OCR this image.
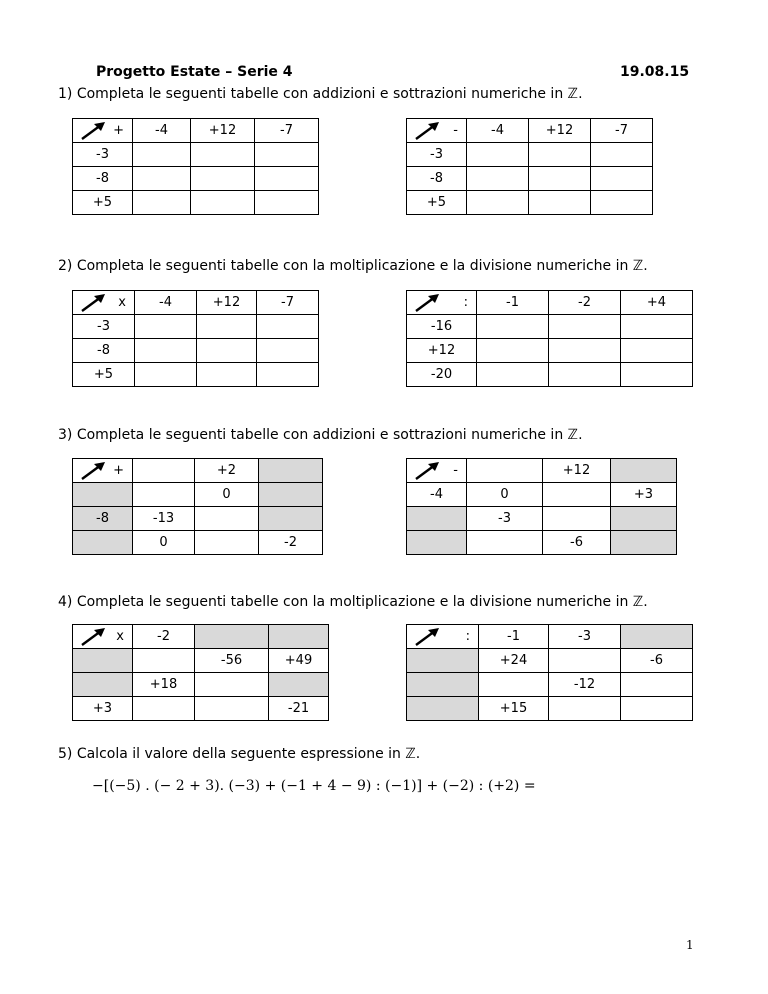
Progetto Estate – Serie 4	19.08.15
1) Completa le seguenti tabelle con addizioni e sottrazioni numeriche in ℤ.
+	-4	+12	-7
-3			
-8			
+5			
-	-4	+12	-7
-3			
-8			
+5			
2) Completa le seguenti tabelle con la moltiplicazione e la divisione numeriche in ℤ.
x	-4	+12	-7
-3			
-8			
+5			
:	-1	-2	+4
-16			
+12			
-20			
3) Completa le seguenti tabelle con addizioni e sottrazioni numeriche in ℤ.
+		+2	
		0	
-8	-13		
	0		-2
-		+12	
-4	0		+3
	-3		
		-6	
4) Completa le seguenti tabelle con la moltiplicazione e la divisione numeriche in ℤ.
x	-2		
		-56	+49
	+18		
+3			-21
:	-1	-3	
	+24		-6
		-12	
	+15		
5) Calcola il valore della seguente espressione in ℤ.
−[(−5) . (− 2 + 3). (−3) + (−1 + 4 − 9) : (−1)] + (−2) : (+2) =
1
